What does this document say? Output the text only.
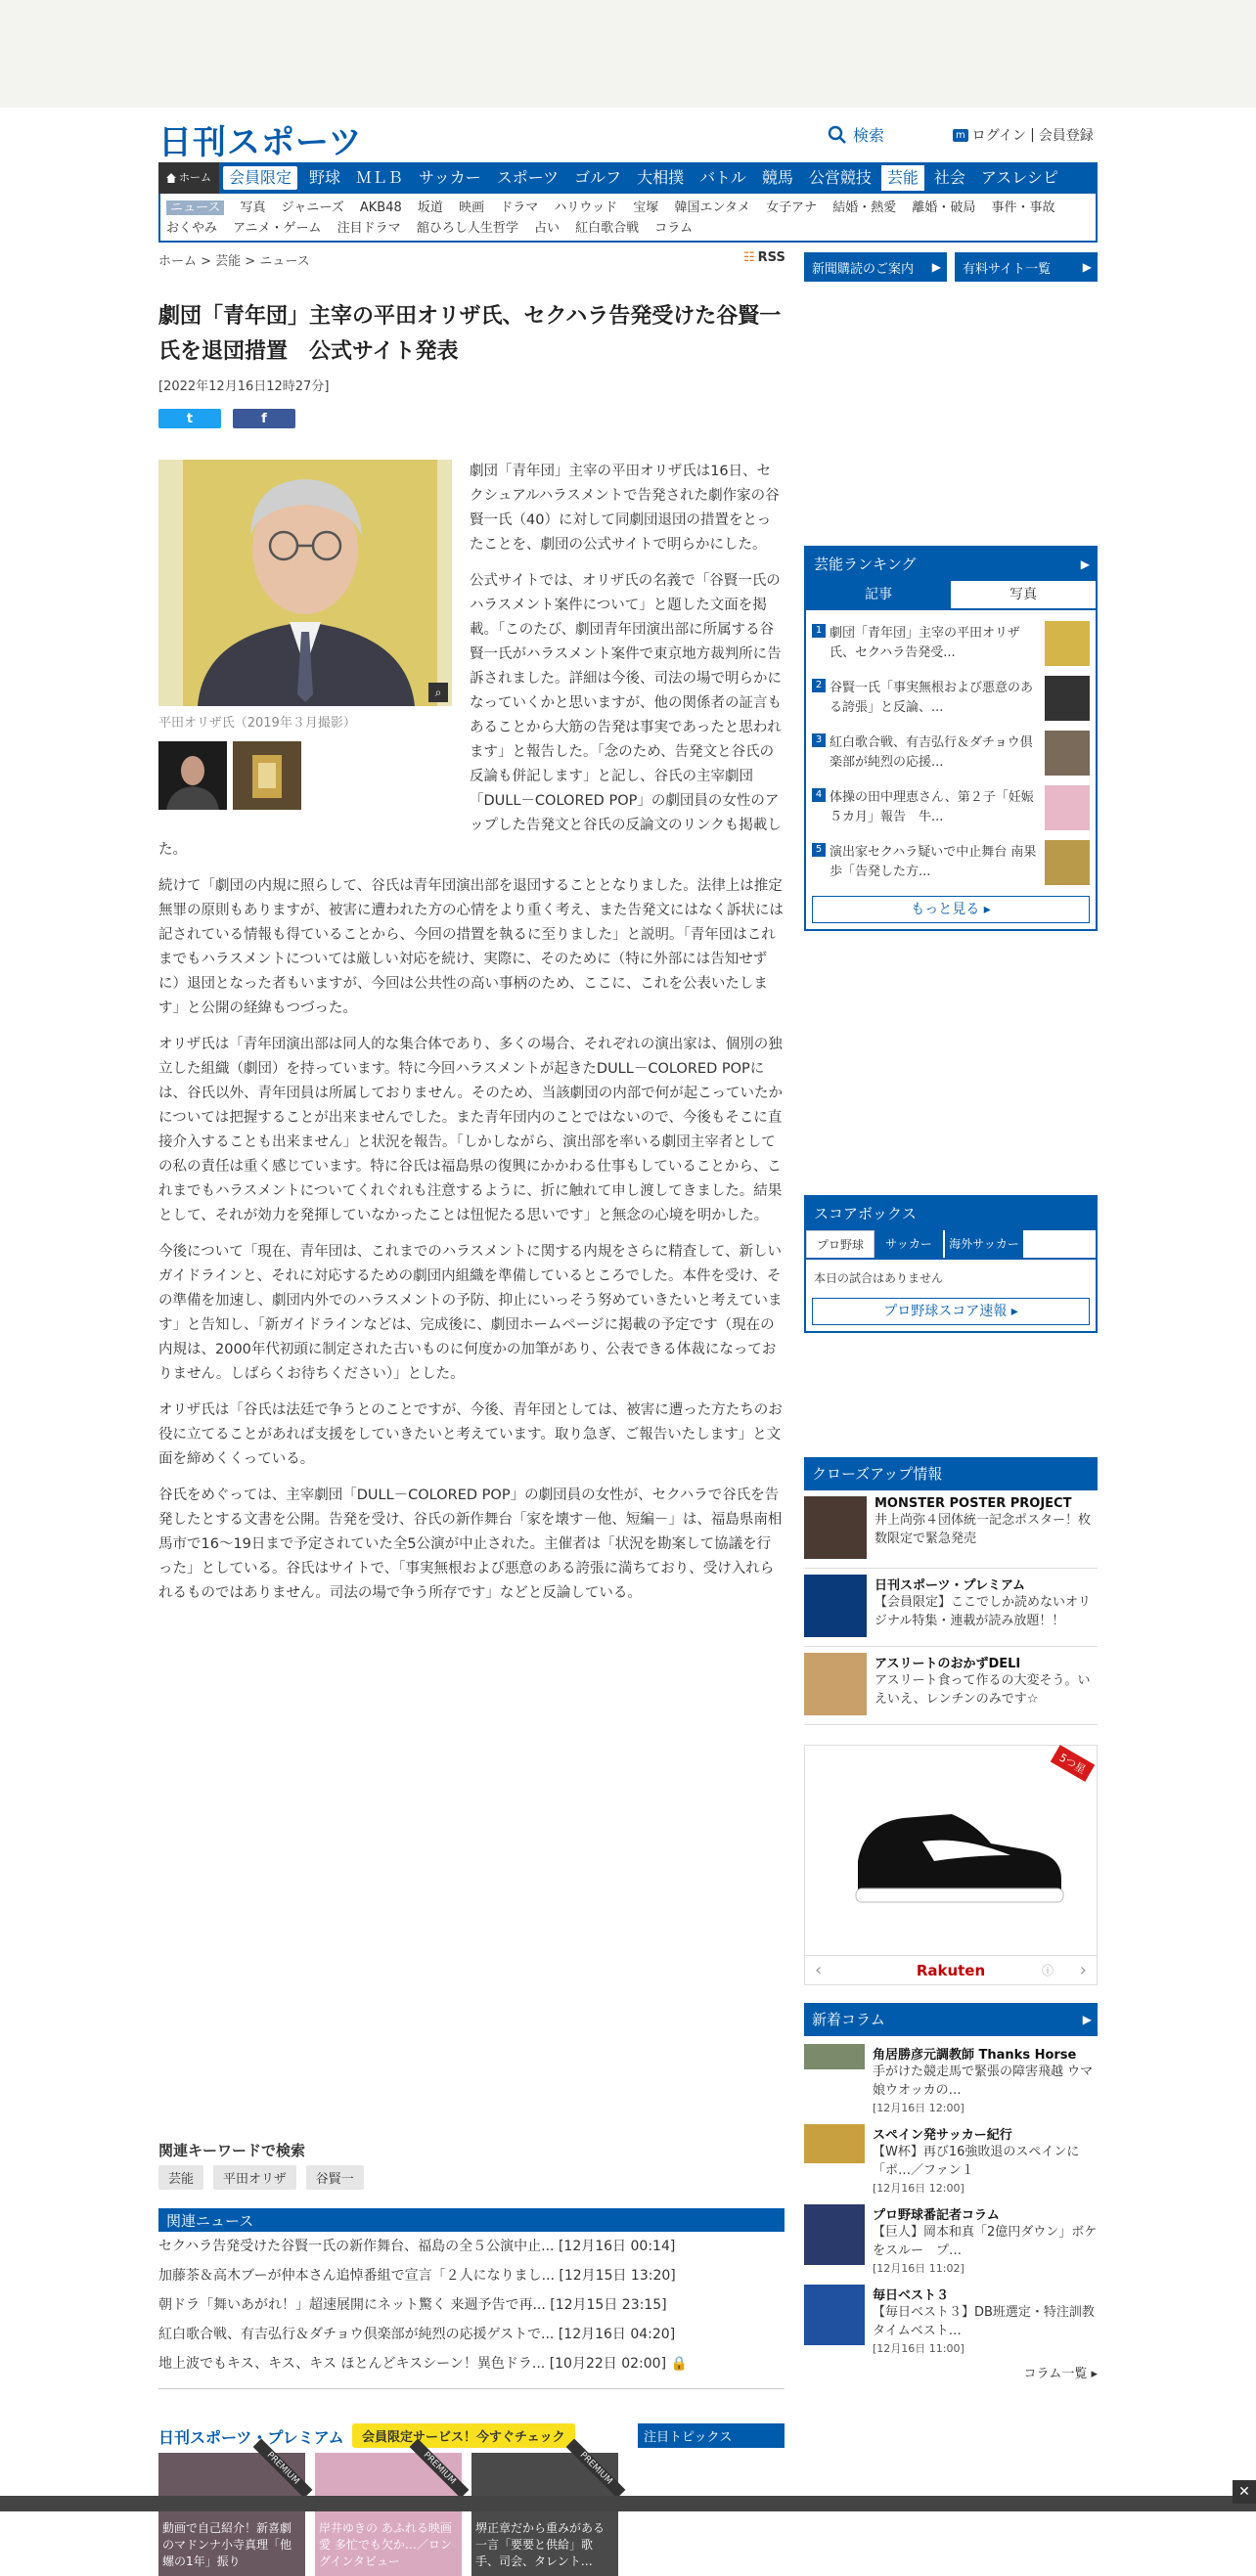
日刊スポーツ	検索	m ログイン | 会員登録
ホーム	会員限定	野球	ＭＬＢ	サッカー	スポーツ	ゴルフ	大相撲	バトル	競馬	公営競技	芸能	社会	アスレシピ
ニュース 写真 ジャニーズ AKB48 坂道 映画 ドラマ ハリウッド 宝塚 韓国エンタメ 女子アナ 結婚・熱愛 離婚・破局 事件・事故
おくやみ アニメ・ゲーム 注目ドラマ 舘ひろし人生哲学 占い 紅白歌合戦 コラム
ホーム > 芸能 > ニュース	☷ RSS
劇団「青年団」主宰の平田オリザ氏、セクハラ告発受けた谷賢一氏を退団措置　公式サイト発表
[2022年12月16日12時27分]
t	f

劇団「青年団」主宰の平田オリザ氏は16日、セクシュアルハラスメントで告発された劇作家の谷賢一氏（40）に対して同劇団退団の措置をとったことを、劇団の公式サイトで明らかにした。

公式サイトでは、オリザ氏の名義で「谷賢一氏のハラスメント案件について」と題した文面を掲載。「このたび、劇団青年団演出部に所属する谷賢一氏がハラスメント案件で東京地方裁判所に告訴されました。詳細は今後、司法の場で明らかになっていくかと思いますが、他の関係者の証言もあることから大筋の告発は事実であったと思われます」と報告した。「念のため、告発文と谷氏の反論も併記します」と記し、谷氏の主宰劇団「DULL－COLORED POP」の劇団員の女性のアップした告発文と谷氏の反論文のリンクも掲載した。

続けて「劇団の内規に照らして、谷氏は青年団演出部を退団することとなりました。法律上は推定無罪の原則もありますが、被害に遭われた方の心情をより重く考え、また告発文にはなく訴状には記されている情報も得ていることから、今回の措置を執るに至りました」と説明。「青年団はこれまでもハラスメントについては厳しい対応を続け、実際に、そのために（特に外部には告知せずに）退団となった者もいますが、今回は公共性の高い事柄のため、ここに、これを公表いたします」と公開の経緯もつづった。

オリザ氏は「青年団演出部は同人的な集合体であり、多くの場合、それぞれの演出家は、個別の独立した組織（劇団）を持っています。特に今回ハラスメントが起きたDULL－COLORED POPには、谷氏以外、青年団員は所属しておりません。そのため、当該劇団の内部で何が起こっていたかについては把握することが出来ませんでした。また青年団内のことではないので、今後もそこに直接介入することも出来ません」と状況を報告。「しかしながら、演出部を率いる劇団主宰者としての私の責任は重く感じています。特に谷氏は福島県の復興にかかわる仕事もしていることから、これまでもハラスメントについてくれぐれも注意するように、折に触れて申し渡してきました。結果として、それが効力を発揮していなかったことは忸怩たる思いです」と無念の心境を明かした。

今後について「現在、青年団は、これまでのハラスメントに関する内規をさらに精査して、新しいガイドラインと、それに対応するための劇団内組織を準備しているところでした。本件を受け、その準備を加速し、劇団内外でのハラスメントの予防、抑止にいっそう努めていきたいと考えています」と告知し、「新ガイドラインなどは、完成後に、劇団ホームページに掲載の予定です（現在の内規は、2000年代初頭に制定された古いものに何度かの加筆があり、公表できる体裁になっておりません。しばらくお待ちください）」とした。

オリザ氏は「谷氏は法廷で争うとのことですが、今後、青年団としては、被害に遭った方たちのお役に立てることがあれば支援をしていきたいと考えています。取り急ぎ、ご報告いたします」と文面を締めくくっている。

谷氏をめぐっては、主宰劇団「DULL－COLORED POP」の劇団員の女性が、セクハラで谷氏を告発したとする文書を公開。告発を受け、谷氏の新作舞台「家を壊す－他、短編－」は、福島県南相馬市で16～19日まで予定されていた全5公演が中止された。主催者は「状況を勘案して協議を行った」としている。谷氏はサイトで、「事実無根および悪意のある誇張に満ちており、受け入れられるものではありません。司法の場で争う所存です」などと反論している。

⌕
平田オリザ氏（2019年３月撮影）
関連キーワードで検索
芸能	平田オリザ	谷賢一
関連ニュース
セクハラ告発受けた谷賢一氏の新作舞台、福島の全５公演中止... [12月16日 00:14]
加藤茶＆高木ブーが仲本さん追悼番組で宣言「２人になりまし... [12月15日 13:20]
朝ドラ「舞いあがれ！」超速展開にネット驚く 来週予告で再... [12月15日 23:15]
紅白歌合戦、有吉弘行＆ダチョウ倶楽部が純烈の応援ゲストで... [12月16日 04:20]
地上波でもキス、キス、キス ほとんどキスシーン！異色ドラ... [10月22日 02:00] 🔒
日刊スポーツ・プレミアム	会員限定サービス！今すぐチェック	注目トピックス
PREMIUM
動画で自己紹介！新喜劇のマドンナ小寺真理「他螺の1年」振り
PREMIUM
岸井ゆきの あふれる映画愛 多忙でも欠か…／ロングインタビュー
PREMIUM
堺正章だから重みがある一言「要要と供給」歌手、司会、タレント…
新聞購読のご案内 ▶ 有料サイト一覧	▶
芸能ランキング	▶
記事	写真
1 劇団「青年団」主宰の平田オリザ氏、セクハラ告発受...
2 谷賢一氏「事実無根および悪意のある誇張」と反論、...
3 紅白歌合戦、有吉弘行＆ダチョウ倶楽部が純烈の応援...
4 体操の田中理恵さん、第２子「妊娠５カ月」報告　牛...
5 演出家セクハラ疑いで中止舞台 南果歩「告発した方...
もっと見る ▸
スコアボックス
プロ野球	サッカー	海外サッカー
本日の試合はありません
プロ野球スコア速報 ▸
クローズアップ情報
MONSTER POSTER PROJECT
井上尚弥４団体統一記念ポスター！枚数限定で緊急発売
日刊スポーツ・プレミアム
【会員限定】ここでしか読めないオリジナル特集・連載が読み放題！！
アスリートのおかずDELI
アスリート食って作るの大変そう。いえいえ、レンチンのみです☆
5つ星
‹	Rakuten	ⓘ ›
新着コラム	▶
角居勝彦元調教師 Thanks Horse
手がけた競走馬で緊張の障害飛越 ウマ娘ウオッカの…
[12月16日 12:00]
スペイン発サッカー紀行
【W杯】再び16強敗退のスペインに「ポ…／ファン１
[12月16日 12:00]
プロ野球番記者コラム
【巨人】岡本和真「2億円ダウン」ボケをスルー　プ…
[12月16日 11:02]
毎日ベスト３
【毎日ベスト３】DB班選定・特注訓教タイムベスト…
[12月16日 11:00]
コラム一覧 ▸
✕
